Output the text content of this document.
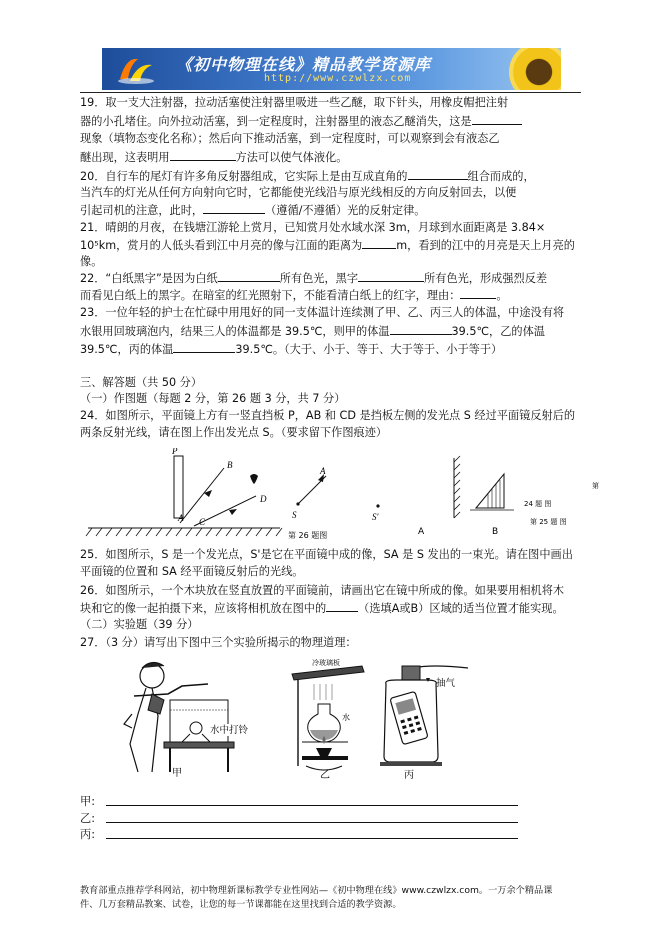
《初中物理在线》精品教学资源库
http://www.czwlzx.com
19．取一支大注射器，拉动活塞使注射器里吸进一些乙醚，取下针头，用橡皮帽把注射
器的小孔堵住。向外拉动活塞，到一定程度时，注射器里的液态乙醚消失，这是
现象（填物态变化名称）；然后向下推动活塞，到一定程度时，可以观察到会有液态乙
醚出现，这表明用	方法可以使气体液化。
20．自行车的尾灯有许多角反射器组成，它实际上是由互成直角的	组合而成的，
当汽车的灯光从任何方向射向它时，它都能使光线沿与原光线相反的方向反射回去，以便
引起司机的注意，此时，	（遵循/不遵循）光的反射定律。
21．晴朗的月夜，在钱塘江游轮上赏月，已知赏月处水域水深 3m，月球到水面距离是 3.84×
10⁵km，赏月的人低头看到江中月亮的像与江面的距离为	m，看到的江中的月亮是天上月亮的
像。
22．“白纸黑字”是因为白纸	所有色光，黑字	所有色光，形成强烈反差
而看见白纸上的黑字。在暗室的红光照射下，不能看清白纸上的红字，理由：	。
23．一位年轻的护士在忙碌中用甩好的同一支体温计连续测了甲、乙、丙三人的体温，中途没有将
水银用回玻璃泡内，结果三人的体温都是 39.5℃，则甲的体温	39.5℃，乙的体温
39.5℃，丙的体温	39.5℃。（大于、小于、等于、大于等于、小于等于）
三、解答题（共 50 分）
（一）作图题（每题 2 分，第 26 题 3 分，共 7 分）
24．如图所示，平面镜上方有一竖直挡板 P，AB 和 CD 是挡板左侧的发光点 S 经过平面镜反射后的
两条反射光线，请在图上作出发光点 S。（要求留下作图痕迹）
P
A
B
C
D
A
S	S'
第 26 题图	A	B
24 题 图
第 25 题 图
第
25．如图所示，S 是一个发光点，S'是它在平面镜中成的像，SA 是 S 发出的一束光。请在图中画出
平面镜的位置和 SA 经平面镜反射后的光线。
26．如图所示，一个木块放在竖直放置的平面镜前，请画出它在镜中所成的像。如果要用相机将木
块和它的像一起拍摄下来，应该将相机放在图中的	（选填A或B）区域的适当位置才能实现。
（二）实验题（39 分）
27．（3 分）请写出下图中三个实验所揭示的物理道理：
水中打铃
甲
冷玻璃板
水
乙
抽气
丙
甲:
乙:
丙:
教育部重点推荐学科网站，初中物理新课标教学专业性网站—《初中物理在线》www.czwlzx.com。一万余个精品课
件、几万套精品教案、试卷，让您的每一节课都能在这里找到合适的教学资源。
